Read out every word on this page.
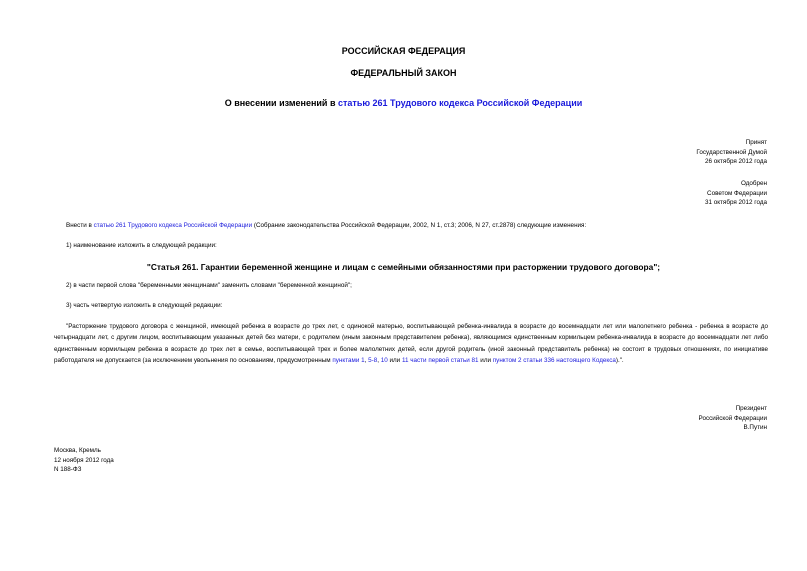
РОССИЙСКАЯ ФЕДЕРАЦИЯ
ФЕДЕРАЛЬНЫЙ ЗАКОН
О внесении изменений в статью 261 Трудового кодекса Российской Федерации
Принят
Государственной Думой
26 октября 2012 года
Одобрен
Советом Федерации
31 октября 2012 года
Внести в статью 261 Трудового кодекса Российской Федерации (Собрание законодательства Российской Федерации, 2002, N 1, ст.3; 2006, N 27, ст.2878) следующие изменения:
1) наименование изложить в следующей редакции:
"Статья 261. Гарантии беременной женщине и лицам с семейными обязанностями при расторжении трудового договора";
2) в части первой слова "беременными женщинами" заменить словами "беременной женщиной";
3) часть четвертую изложить в следующей редакции:
"Расторжение трудового договора с женщиной, имеющей ребенка в возрасте до трех лет, с одинокой матерью, воспитывающей ребенка-инвалида в возрасте до восемнадцати лет или малолетнего ребенка - ребенка в возрасте до четырнадцати лет, с другим лицом, воспитывающим указанных детей без матери, с родителем (иным законным представителем ребенка), являющимся единственным кормильцем ребенка-инвалида в возрасте до восемнадцати лет либо единственным кормильцем ребенка в возрасте до трех лет в семье, воспитывающей трех и более малолетних детей, если другой родитель (иной законный представитель ребенка) не состоит в трудовых отношениях, по инициативе работодателя не допускается (за исключением увольнения по основаниям, предусмотренным пунктами 1, 5-8, 10 или 11 части первой статьи 81 или пунктом 2 статьи 336 настоящего Кодекса).".
Президент
Российской Федерации
В.Путин
Москва, Кремль
12 ноября 2012 года
N 188-ФЗ
